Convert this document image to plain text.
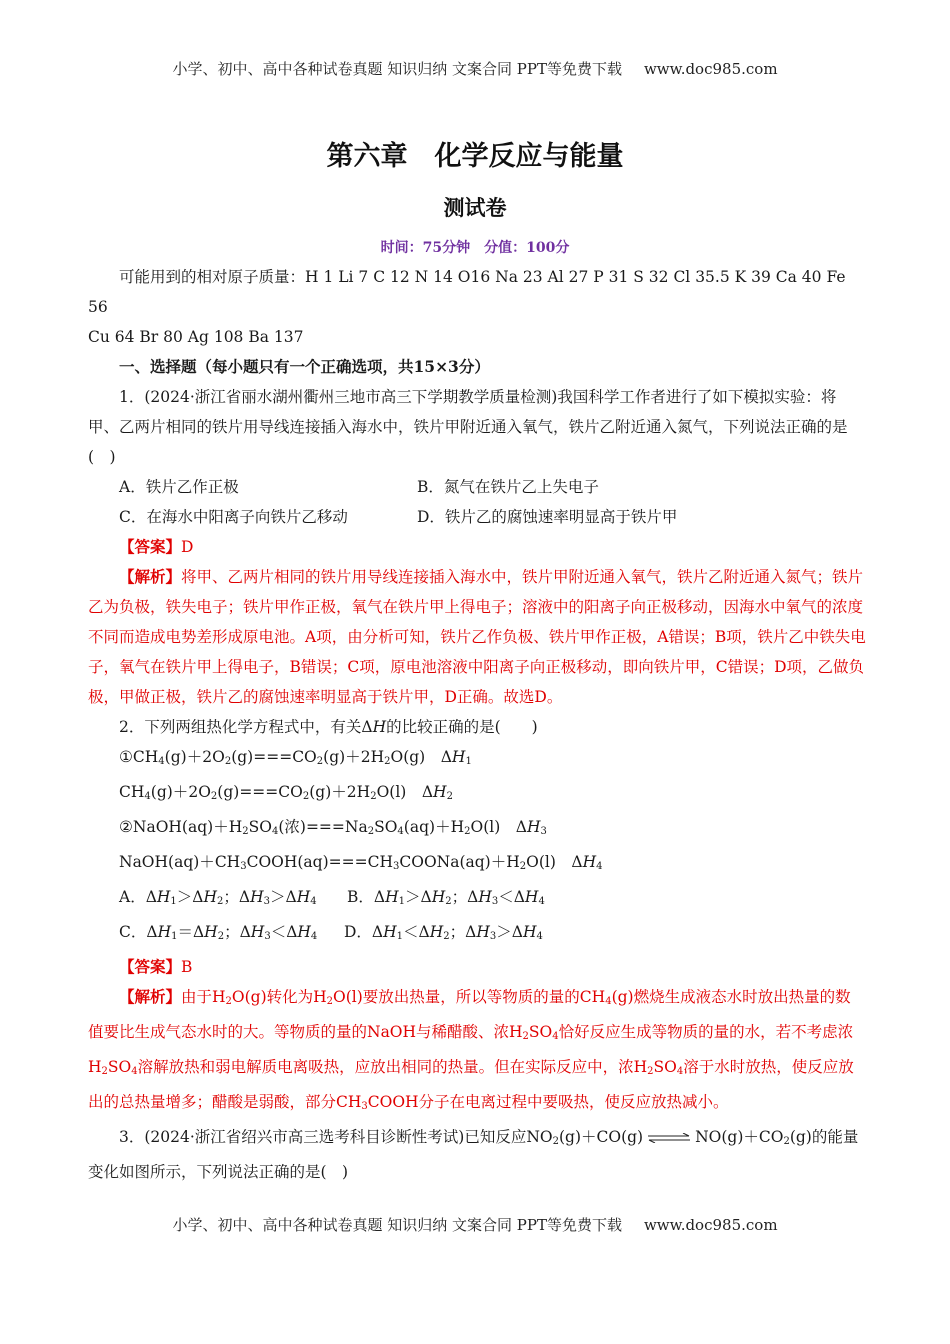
小学、初中、高中各种试卷真题 知识归纳 文案合同 PPT等免费下载 www.doc985.com
第六章　化学反应与能量
测试卷
时间：75分钟　分值：100分

可能用到的相对原子质量：H 1 Li 7 C 12 N 14 O16 Na 23 Al 27 P 31 S 32 Cl 35.5 K 39 Ca 40 Fe 56

Cu 64 Br 80 Ag 108 Ba 137

一、选择题（每小题只有一个正确选项，共15×3分）

1．(2024·浙江省丽水湖州衢州三地市高三下学期教学质量检测)我国科学工作者进行了如下模拟实验：将甲、乙两片相同的铁片用导线连接插入海水中，铁片甲附近通入氧气，铁片乙附近通入氮气，下列说法正确的是(　)

A．铁片乙作正极	B．氮气在铁片乙上失电子
C．在海水中阳离子向铁片乙移动	D．铁片乙的腐蚀速率明显高于铁片甲

【答案】D

【解析】将甲、乙两片相同的铁片用导线连接插入海水中，铁片甲附近通入氧气，铁片乙附近通入氮气；铁片乙为负极，铁失电子；铁片甲作正极，氧气在铁片甲上得电子；溶液中的阳离子向正极移动，因海水中氧气的浓度不同而造成电势差形成原电池。A项，由分析可知，铁片乙作负极、铁片甲作正极，A错误；B项，铁片乙中铁失电子，氧气在铁片甲上得电子，B错误；C项，原电池溶液中阳离子向正极移动，即向铁片甲，C错误；D项，乙做负极，甲做正极，铁片乙的腐蚀速率明显高于铁片甲，D正确。故选D。

2．下列两组热化学方程式中，有关ΔH的比较正确的是(　　)

$①CH_4(g)+2O_2(g)===CO_2(g)+2H_2O(g)$  $\Delta H_1$

$CH_4(g)+2O_2(g)===CO_2(g)+2H_2O(l)$  $\Delta H_2$

$②NaOH(aq)+H_2SO_4$(浓)$===Na_2SO_4(aq)+H_2O(l)$  $\Delta H_3$

$NaOH(aq)+CH_3COOH(aq)===CH_3COONa(aq)+H_2O(l)$  $\Delta H_4$

A．$\Delta H_1>\Delta H_2$；$\Delta H_3>\Delta H_4$	B．$\Delta H_1>\Delta H_2$；$\Delta H_3<\Delta H_4$
C．$\Delta H_1=\Delta H_2$；$\Delta H_3<\Delta H_4$	D．$\Delta H_1<\Delta H_2$；$\Delta H_3>\Delta H_4$

【答案】B

【解析】由于$H_2O(g)$转化为$H_2O(l)$要放出热量，所以等物质的量的$CH_4(g)$燃烧生成液态水时放出热量的数值要比生成气态水时的大。等物质的量的NaOH与稀醋酸、浓$H_2SO_4$恰好反应生成等物质的量的水，若不考虑浓$H_2SO_4$溶解放热和弱电解质电离吸热，应放出相同的热量。但在实际反应中，浓$H_2SO_4$溶于水时放热，使反应放出的总热量增多；醋酸是弱酸，部分$CH_3COOH$分子在电离过程中要吸热，使反应放热减小。

3．(2024·浙江省绍兴市高三选考科目诊断性考试)已知反应$NO_2(g)+CO(g)$ ⇌ $NO(g)+CO_2(g)$的能量变化如图所示，下列说法正确的是(　)

小学、初中、高中各种试卷真题 知识归纳 文案合同 PPT等免费下载 www.doc985.com
